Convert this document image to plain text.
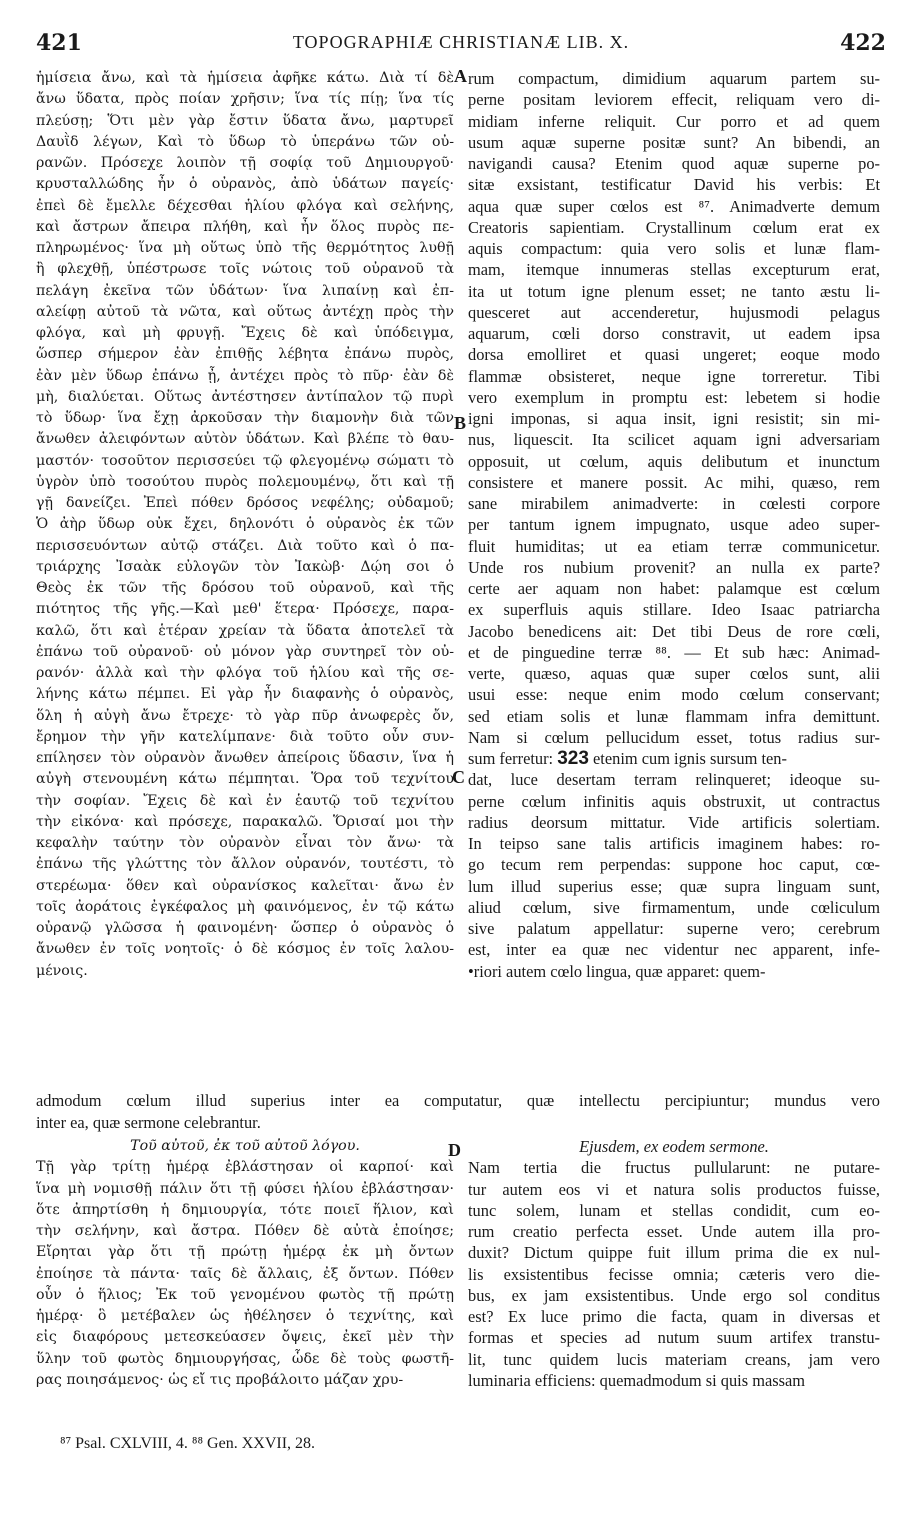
421	TOPOGRAPHIÆ CHRISTIANÆ LIB. X.	422
A
B
C
D
ἡμίσεια ἄνω, καὶ τὰ ἡμίσεια ἀφῆκε κάτω. Διὰ τί δὲ
ἄνω ὕδατα, πρὸς ποίαν χρῆσιν; ἵνα τίς πίῃ; ἵνα τίς
πλεύσῃ; Ὅτι μὲν γὰρ ἔστιν ὕδατα ἄνω, μαρτυρεῖ
Δαυῒδ λέγων, Καὶ τὸ ὕδωρ τὸ ὑπεράνω τῶν οὐ-
ρανῶν. Πρόσεχε λοιπὸν τῇ σοφίᾳ τοῦ Δημιουργοῦ·
κρυσταλλώδης ἦν ὁ οὐρανὸς, ἀπὸ ὑδάτων παγείς·
ἐπεὶ δὲ ἔμελλε δέχεσθαι ἡλίου φλόγα καὶ σελήνης,
καὶ ἄστρων ἄπειρα πλήθη, καὶ ἦν ὅλος πυρὸς πε-
πληρωμένος· ἵνα μὴ οὕτως ὑπὸ τῆς θερμότητος λυθῇ
ἢ φλεχθῇ, ὑπέστρωσε τοῖς νώτοις τοῦ οὐρανοῦ τὰ
πελάγη ἐκεῖνα τῶν ὑδάτων· ἵνα λιπαίνῃ καὶ ἐπ-
αλείφῃ αὐτοῦ τὰ νῶτα, καὶ οὕτως ἀντέχῃ πρὸς τὴν
φλόγα, καὶ μὴ φρυγῇ. Ἔχεις δὲ καὶ ὑπόδειγμα,
ὥσπερ σήμερον ἐὰν ἐπιθῇς λέβητα ἐπάνω πυρὸς,
ἐὰν μὲν ὕδωρ ἐπάνω ᾖ, ἀντέχει πρὸς τὸ πῦρ· ἐὰν δὲ
μὴ, διαλύεται. Οὕτως ἀντέστησεν ἀντίπαλον τῷ πυρὶ
τὸ ὕδωρ· ἵνα ἔχῃ ἀρκοῦσαν τὴν διαμονὴν διὰ τῶν
ἄνωθεν ἀλειφόντων αὐτὸν ὑδάτων. Καὶ βλέπε τὸ θαυ-
μαστόν· τοσοῦτον περισσεύει τῷ φλεγομένῳ σώματι τὸ
ὑγρὸν ὑπὸ τοσούτου πυρὸς πολεμουμένῳ, ὅτι καὶ τῇ
γῇ δανείζει. Ἐπεὶ πόθεν δρόσος νεφέλης; οὐδαμοῦ;
Ὁ ἀὴρ ὕδωρ οὐκ ἔχει, δηλονότι ὁ οὐρανὸς ἐκ τῶν
περισσευόντων αὐτῷ στάζει. Διὰ τοῦτο καὶ ὁ πα-
τριάρχης Ἰσαὰκ εὐλογῶν τὸν Ἰακὼβ· Δῴη σοι ὁ
Θεὸς ἐκ τῶν τῆς δρόσου τοῦ οὐρανοῦ, καὶ τῆς
πιότητος τῆς γῆς.—Καὶ μεθ' ἕτερα· Πρόσεχε, παρα-
καλῶ, ὅτι καὶ ἑτέραν χρείαν τὰ ὕδατα ἀποτελεῖ τὰ
ἐπάνω τοῦ οὐρανοῦ· οὐ μόνον γὰρ συντηρεῖ τὸν οὐ-
ρανόν· ἀλλὰ καὶ τὴν φλόγα τοῦ ἡλίου καὶ τῆς σε-
λήνης κάτω πέμπει. Εἰ γὰρ ἦν διαφανὴς ὁ οὐρανὸς,
ὅλη ἡ αὐγὴ ἄνω ἔτρεχε· τὸ γὰρ πῦρ ἀνωφερὲς ὄν,
ἔρημον τὴν γῆν κατελίμπανε· διὰ τοῦτο οὖν συν-
επίλησεν τὸν οὐρανὸν ἄνωθεν ἀπείροις ὕδασιν, ἵνα ἡ
αὐγὴ στενουμένη κάτω πέμπηται. Ὅρα τοῦ τεχνίτου
τὴν σοφίαν. Ἔχεις δὲ καὶ ἐν ἑαυτῷ τοῦ τεχνίτου
τὴν εἰκόνα· καὶ πρόσεχε, παρακαλῶ. Ὅρισαί μοι τὴν
κεφαλὴν ταύτην τὸν οὐρανὸν εἶναι τὸν ἄνω· τὰ
ἐπάνω τῆς γλώττης τὸν ἄλλον οὐρανόν, τουτέστι, τὸ
στερέωμα· ὅθεν καὶ οὐρανίσκος καλεῖται· ἄνω ἐν
τοῖς ἀοράτοις ἐγκέφαλος μὴ φαινόμενος, ἐν τῷ κάτω
οὐρανῷ γλῶσσα ἡ φαινομένη· ὥσπερ ὁ οὐρανὸς ὁ
ἄνωθεν ἐν τοῖς νοητοῖς· ὁ δὲ κόσμος ἐν τοῖς λαλου-
μένοις.
rum compactum, dimidium aquarum partem su-
perne positam leviorem effecit, reliquam vero di-
midiam inferne reliquit. Cur porro et ad quem
usum aquæ superne positæ sunt? An bibendi, an
navigandi causa? Etenim quod aquæ superne po-
sitæ exsistant, testificatur David his verbis: Et
aqua quæ super cœlos est ⁸⁷. Animadverte demum
Creatoris sapientiam. Crystallinum cœlum erat ex
aquis compactum: quia vero solis et lunæ flam-
mam, itemque innumeras stellas excepturum erat,
ita ut totum igne plenum esset; ne tanto æstu li-
quesceret aut accenderetur, hujusmodi pelagus
aquarum, cœli dorso constravit, ut eadem ipsa
dorsa emolliret et quasi ungeret; eoque modo
flammæ obsisteret, neque igne torreretur. Tibi
vero exemplum in promptu est: lebetem si hodie
igni imponas, si aqua insit, igni resistit; sin mi-
nus, liquescit. Ita scilicet aquam igni adversariam
opposuit, ut cœlum, aquis delibutum et inunctum
consistere et manere possit. Ac mihi, quæso, rem
sane mirabilem animadverte: in cœlesti corpore
per tantum ignem impugnato, usque adeo super-
fluit humiditas; ut ea etiam terræ communicetur.
Unde ros nubium provenit? an nulla ex parte?
certe aer aquam non habet: palamque est cœlum
ex superfluis aquis stillare. Ideo Isaac patriarcha
Jacobo benedicens ait: Det tibi Deus de rore cœli,
et de pinguedine terræ ⁸⁸. — Et sub hæc: Animad-
verte, quæso, aquas quæ super cœlos sunt, alii
usui esse: neque enim modo cœlum conservant;
sed etiam solis et lunæ flammam infra demittunt.
Nam si cœlum pellucidum esset, totus radius sur-
sum ferretur: 323 etenim cum ignis sursum ten-
dat, luce desertam terram relinqueret; ideoque su-
perne cœlum infinitis aquis obstruxit, ut contractus
radius deorsum mittatur. Vide artificis solertiam.
In teipso sane talis artificis imaginem habes: ro-
go tecum rem perpendas: suppone hoc caput, cœ-
lum illud superius esse; quæ supra linguam sunt,
aliud cœlum, sive firmamentum, unde cœliculum
sive palatum appellatur: superne vero; cerebrum
est, inter ea quæ nec videntur nec apparent, infe-
•riori autem cœlo lingua, quæ apparet: quem-
admodum cœlum illud superius inter ea computatur, quæ intellectu percipiuntur; mundus vero
inter ea, quæ sermone celebrantur.
Τοῦ αὐτοῦ, ἐκ τοῦ αὐτοῦ λόγου.
Τῇ γὰρ τρίτῃ ἡμέρᾳ ἐβλάστησαν οἱ καρποί· καὶ
ἵνα μὴ νομισθῇ πάλιν ὅτι τῇ φύσει ἡλίου ἐβλάστησαν·
ὅτε ἀπηρτίσθη ἡ δημιουργία, τότε ποιεῖ ἥλιον, καὶ
τὴν σελήνην, καὶ ἄστρα. Πόθεν δὲ αὐτὰ ἐποίησε;
Εἴρηται γὰρ ὅτι τῇ πρώτῃ ἡμέρᾳ ἐκ μὴ ὄντων
ἐποίησε τὰ πάντα· ταῖς δὲ ἄλλαις, ἐξ ὄντων. Πόθεν
οὖν ὁ ἥλιος; Ἐκ τοῦ γενομένου φωτὸς τῇ πρώτῃ
ἡμέρᾳ· ὃ μετέβαλεν ὡς ἠθέλησεν ὁ τεχνίτης, καὶ
εἰς διαφόρους μετεσκεύασεν ὄψεις, ἐκεῖ μὲν τὴν
ὕλην τοῦ φωτὸς δημιουργήσας, ὧδε δὲ τοὺς φωστῆ-
ρας ποιησάμενος· ὡς εἴ τις προβάλοιτο μάζαν χρυ-
Ejusdem, ex eodem sermone.
Nam tertia die fructus pullularunt: ne putare-
tur autem eos vi et natura solis productos fuisse,
tunc solem, lunam et stellas condidit, cum eo-
rum creatio perfecta esset. Unde autem illa pro-
duxit? Dictum quippe fuit illum prima die ex nul-
lis exsistentibus fecisse omnia; cæteris vero die-
bus, ex jam exsistentibus. Unde ergo sol conditus
est? Ex luce primo die facta, quam in diversas et
formas et species ad nutum suum artifex transtu-
lit, tunc quidem lucis materiam creans, jam vero
luminaria efficiens: quemadmodum si quis massam
⁸⁷ Psal. CXLVIII, 4. ⁸⁸ Gen. XXVII, 28.
